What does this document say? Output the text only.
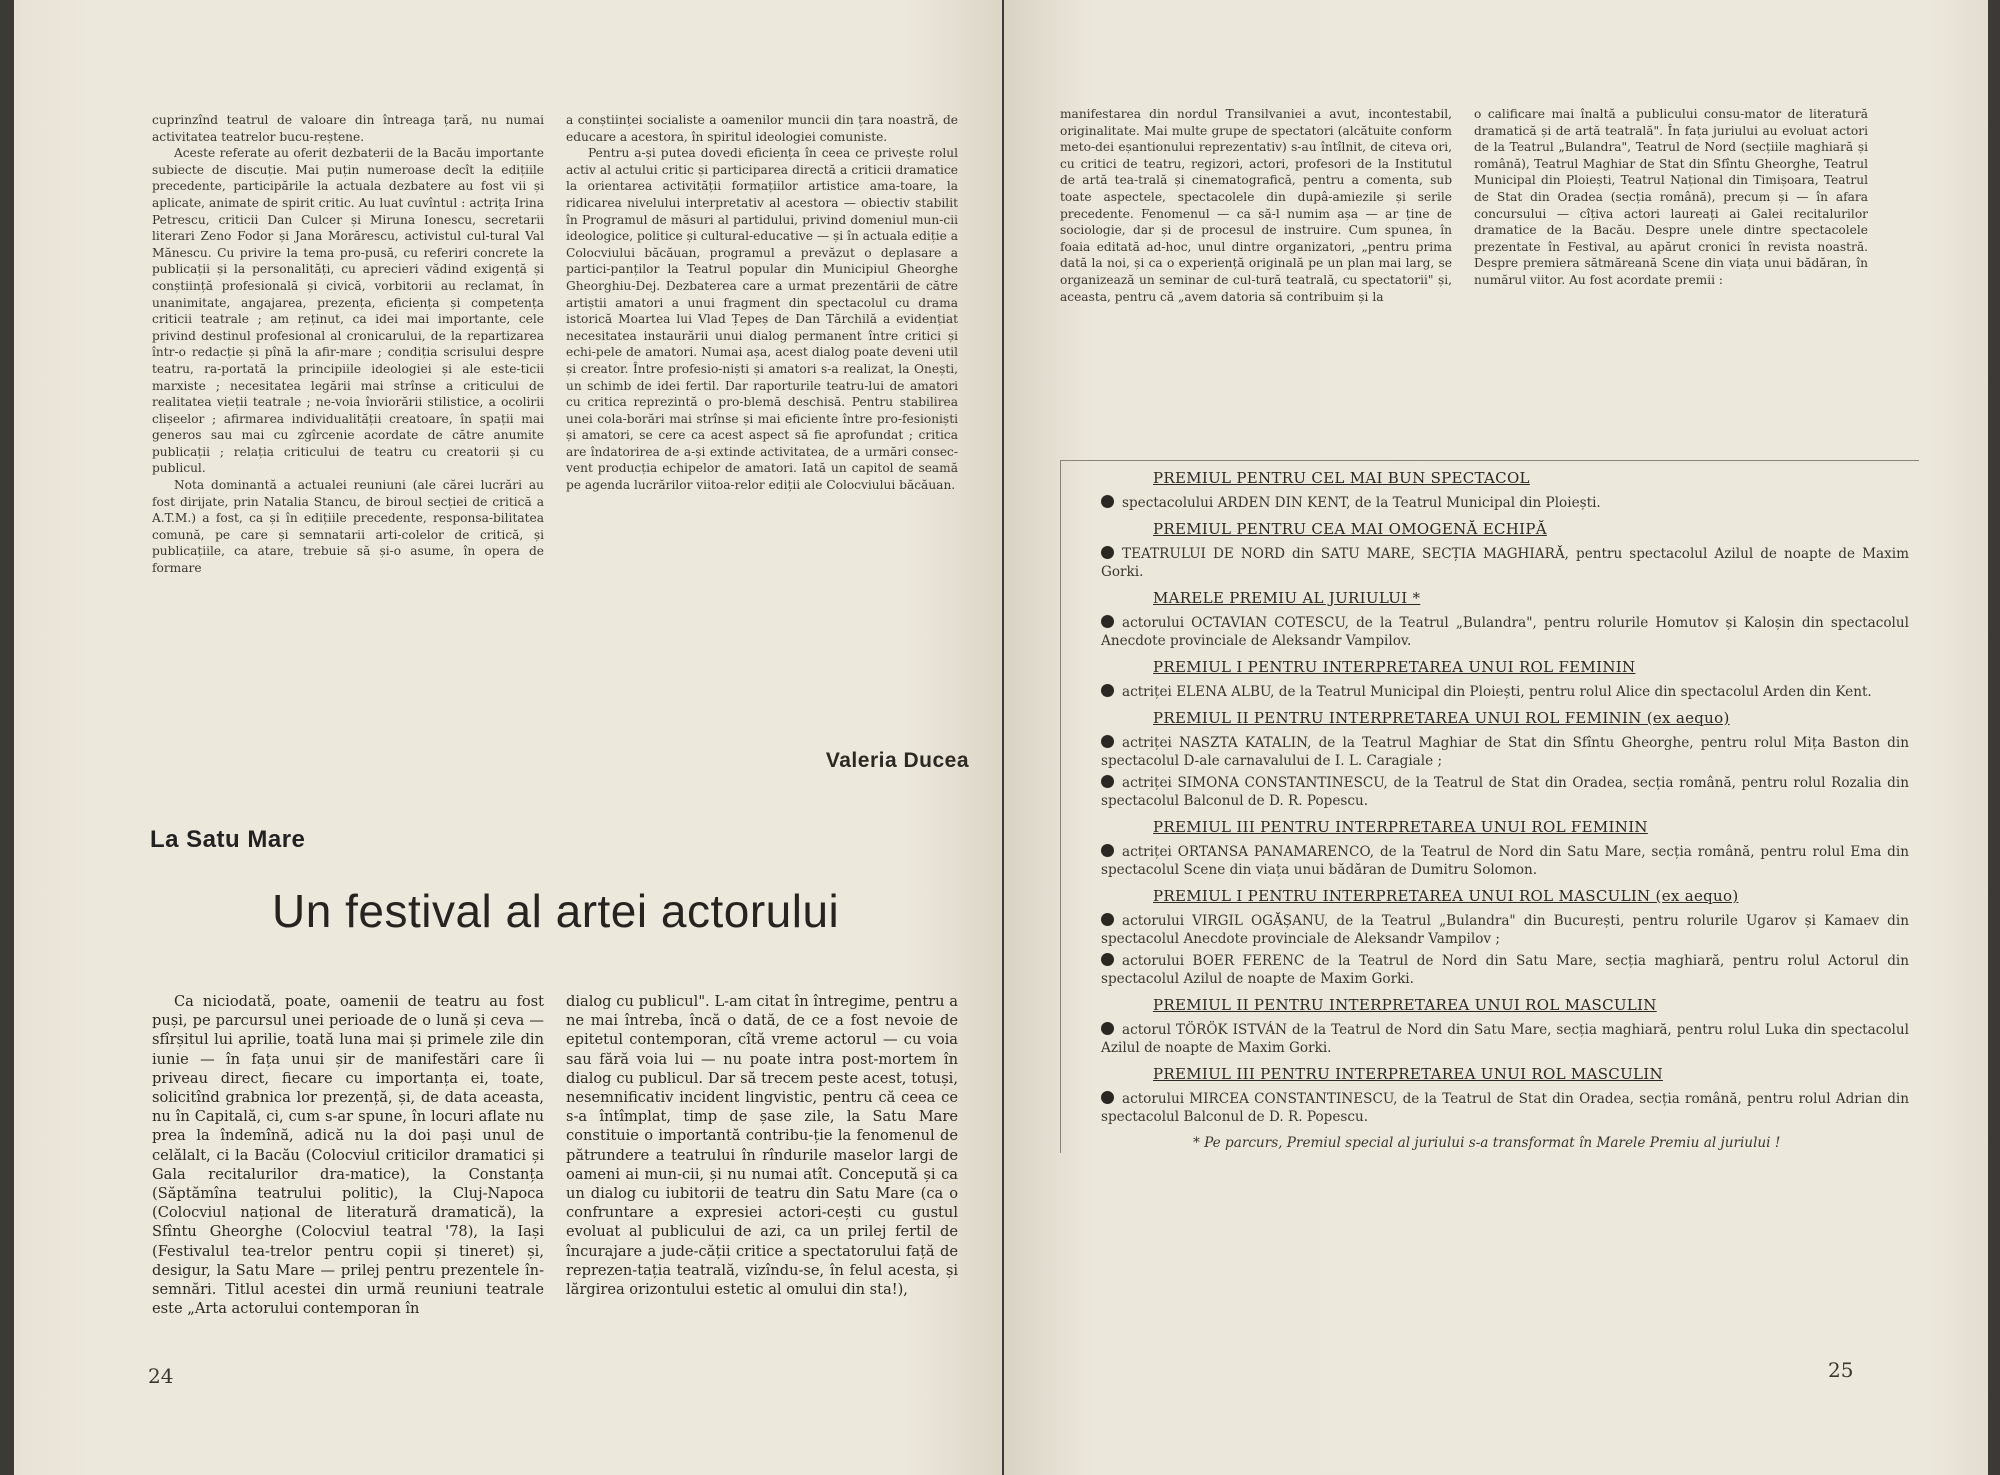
cuprinzînd teatrul de valoare din întreaga țară, nu numai activitatea teatrelor bucu-reștene.

Aceste referate au oferit dezbaterii de la Bacău importante subiecte de discuție. Mai puțin numeroase decît la edițiile precedente, participările la actuala dezbatere au fost vii și aplicate, animate de spirit critic. Au luat cuvîntul : actrița Irina Petrescu, criticii Dan Culcer și Miruna Ionescu, secretarii literari Zeno Fodor și Jana Morărescu, activistul cul-tural Val Mănescu. Cu privire la tema pro-pusă, cu referiri concrete la publicații și la personalități, cu aprecieri vădind exigență și conștiință profesională și civică, vorbitorii au reclamat, în unanimitate, angajarea, prezența, eficiența și competența criticii teatrale ; am reținut, ca idei mai importante, cele privind destinul profesional al cronicarului, de la repartizarea într-o redacție și pînă la afir-mare ; condiția scrisului despre teatru, ra-portată la principiile ideologiei și ale este-ticii marxiste ; necesitatea legării mai strînse a criticului de realitatea vieții teatrale ; ne-voia înviorării stilistice, a ocolirii clișeelor ; afirmarea individualității creatoare, în spații mai generos sau mai cu zgîrcenie acordate de către anumite publicații ; relația criticului de teatru cu creatorii și cu publicul.

Nota dominantă a actualei reuniuni (ale cărei lucrări au fost dirijate, prin Natalia Stancu, de biroul secției de critică a A.T.M.) a fost, ca și în edițiile precedente, responsa-bilitatea comună, pe care și semnatarii arti-colelor de critică, și publicațiile, ca atare, trebuie să și-o asume, în opera de formare

a conștiinței socialiste a oamenilor muncii din țara noastră, de educare a acestora, în spiritul ideologiei comuniste.

Pentru a-și putea dovedi eficiența în ceea ce privește rolul activ al actului critic și participarea directă a criticii dramatice la orientarea activității formațiilor artistice ama-toare, la ridicarea nivelului interpretativ al acestora — obiectiv stabilit în Programul de măsuri al partidului, privind domeniul mun-cii ideologice, politice și cultural-educative — și în actuala ediție a Colocviului băcăuan, programul a prevăzut o deplasare a partici-panților la Teatrul popular din Municipiul Gheorghe Gheorghiu-Dej. Dezbaterea care a urmat prezentării de către artiștii amatori a unui fragment din spectacolul cu drama istorică Moartea lui Vlad Țepeș de Dan Tărchilă a evidențiat necesitatea instaurării unui dialog permanent între critici și echi-pele de amatori. Numai așa, acest dialog poate deveni util și creator. Între profesio-niști și amatori s-a realizat, la Onești, un schimb de idei fertil. Dar raporturile teatru-lui de amatori cu critica reprezintă o pro-blemă deschisă. Pentru stabilirea unei cola-borări mai strînse și mai eficiente între pro-fesioniști și amatori, se cere ca acest aspect să fie aprofundat ; critica are îndatorirea de a-și extinde activitatea, de a urmări consec-vent producția echipelor de amatori. Iată un capitol de seamă pe agenda lucrărilor viitoa-relor ediții ale Colocviului băcăuan.

Valeria Ducea
La Satu Mare
Un festival al artei actorului

Ca niciodată, poate, oamenii de teatru au fost puși, pe parcursul unei perioade de o lună și ceva — sfîrșitul lui aprilie, toată luna mai și primele zile din iunie — în fața unui șir de manifestări care îi priveau direct, fiecare cu importanța ei, toate, solicitînd grabnica lor prezență, și, de data aceasta, nu în Capitală, ci, cum s-ar spune, în locuri aflate nu prea la îndemînă, adică nu la doi pași unul de celălalt, ci la Bacău (Colocviul criticilor dramatici și Gala recitalurilor dra-matice), la Constanța (Săptămîna teatrului politic), la Cluj-Napoca (Colocviul național de literatură dramatică), la Sfîntu Gheorghe (Colocviul teatral '78), la Iași (Festivalul tea-trelor pentru copii și tineret) și, desigur, la Satu Mare — prilej pentru prezentele în-semnări. Titlul acestei din urmă reuniuni teatrale este „Arta actorului contemporan în

dialog cu publicul". L-am citat în întregime, pentru a ne mai întreba, încă o dată, de ce a fost nevoie de epitetul contemporan, cîtă vreme actorul — cu voia sau fără voia lui — nu poate intra post-mortem în dialog cu publicul. Dar să trecem peste acest, totuși, nesemnificativ incident lingvistic, pentru că ceea ce s-a întîmplat, timp de șase zile, la Satu Mare constituie o importantă contribu-ție la fenomenul de pătrundere a teatrului în rîndurile maselor largi de oameni ai mun-cii, și nu numai atît. Concepută și ca un dialog cu iubitorii de teatru din Satu Mare (ca o confruntare a expresiei actori-cești cu gustul evoluat al publicului de azi, ca un prilej fertil de încurajare a jude-cății critice a spectatorului față de reprezen-tația teatrală, vizîndu-se, în felul acesta, și lărgirea orizontului estetic al omului din sta!),

24

manifestarea din nordul Transilvaniei a avut, incontestabil, originalitate. Mai multe grupe de spectatori (alcătuite conform meto-dei eșantionului reprezentativ) s-au întîlnit, de citeva ori, cu critici de teatru, regizori, actori, profesori de la Institutul de artă tea-trală și cinematografică, pentru a comenta, sub toate aspectele, spectacolele din dupâ-amiezile și serile precedente. Fenomenul — ca să-l numim așa — ar ține de sociologie, dar și de procesul de instruire. Cum spunea, în foaia editată ad-hoc, unul dintre organizatori, „pentru prima dată la noi, și ca o experiență originală pe un plan mai larg, se organizează un seminar de cul-tură teatrală, cu spectatorii" și, aceasta, pentru că „avem datoria să contribuim și la

o calificare mai înaltă a publicului consu-mator de literatură dramatică și de artă teatrală". În fața juriului au evoluat actori de la Teatrul „Bulandra", Teatrul de Nord (secțiile maghiară și română), Teatrul Maghiar de Stat din Sfîntu Gheorghe, Teatrul Municipal din Ploiești, Teatrul Național din Timișoara, Teatrul de Stat din Oradea (secția română), precum și — în afara concursului — cîțiva actori laureați ai Galei recitalurilor dramatice de la Bacău. Despre unele dintre spectacolele prezentate în Festival, au apărut cronici în revista noastră. Despre premiera sătmăreană Scene din viața unui bădăran, în numărul viitor. Au fost acordate premii :

PREMIUL PENTRU CEL MAI BUN SPECTACOL
spectacolului ARDEN DIN KENT, de la Teatrul Municipal din Ploiești.
PREMIUL PENTRU CEA MAI OMOGENĂ ECHIPĂ
TEATRULUI DE NORD din SATU MARE, SECȚIA MAGHIARĂ, pentru spectacolul Azilul de noapte de Maxim Gorki.
MARELE PREMIU AL JURIULUI *
actorului OCTAVIAN COTESCU, de la Teatrul „Bulandra", pentru rolurile Homutov și Kaloșin din spectacolul Anecdote provinciale de Aleksandr Vampilov.
PREMIUL I PENTRU INTERPRETAREA UNUI ROL FEMININ
actriței ELENA ALBU, de la Teatrul Municipal din Ploiești, pentru rolul Alice din spectacolul Arden din Kent.
PREMIUL II PENTRU INTERPRETAREA UNUI ROL FEMININ (ex aequo)
actriței NASZTA KATALIN, de la Teatrul Maghiar de Stat din Sfîntu Gheorghe, pentru rolul Mița Baston din spectacolul D-ale carnavalului de I. L. Caragiale ;
actriței SIMONA CONSTANTINESCU, de la Teatrul de Stat din Oradea, secția română, pentru rolul Rozalia din spectacolul Balconul de D. R. Popescu.
PREMIUL III PENTRU INTERPRETAREA UNUI ROL FEMININ
actriței ORTANSA PANAMARENCO, de la Teatrul de Nord din Satu Mare, secția română, pentru rolul Ema din spectacolul Scene din viața unui bădăran de Dumitru Solomon.
PREMIUL I PENTRU INTERPRETAREA UNUI ROL MASCULIN (ex aequo)
actorului VIRGIL OGĂȘANU, de la Teatrul „Bulandra" din București, pentru rolurile Ugarov și Kamaev din spectacolul Anecdote provinciale de Aleksandr Vampilov ;
actorului BOER FERENC de la Teatrul de Nord din Satu Mare, secția maghiară, pentru rolul Actorul din spectacolul Azilul de noapte de Maxim Gorki.
PREMIUL II PENTRU INTERPRETAREA UNUI ROL MASCULIN
actorul TÖRÖK ISTVÁN de la Teatrul de Nord din Satu Mare, secția maghiară, pentru rolul Luka din spectacolul Azilul de noapte de Maxim Gorki.
PREMIUL III PENTRU INTERPRETAREA UNUI ROL MASCULIN
actorului MIRCEA CONSTANTINESCU, de la Teatrul de Stat din Oradea, secția română, pentru rolul Adrian din spectacolul Balconul de D. R. Popescu.
* Pe parcurs, Premiul special al juriului s-a transformat în Marele Premiu al juriului !
25
